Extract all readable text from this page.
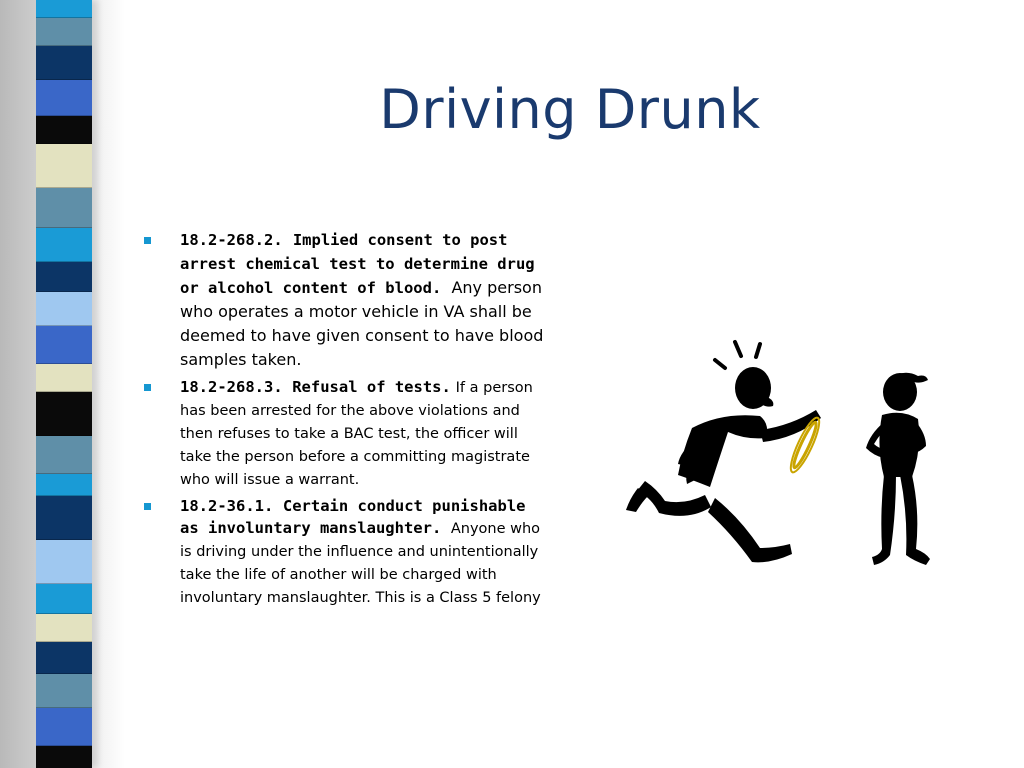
Driving Drunk
18.2-268.2. Implied consent to post arrest chemical test to determine drug or alcohol content of blood. Any person who operates a motor vehicle in VA shall be deemed to have given consent to have blood samples taken.
18.2-268.3. Refusal of tests. If a person has been arrested for the above violations and then refuses to take a BAC test, the officer will take the person before a committing magistrate who will issue a warrant.
18.2-36.1. Certain conduct punishable as involuntary manslaughter. Anyone who is driving under the influence and unintentionally take the life of another will be charged with involuntary manslaughter. This is a Class 5 felony
